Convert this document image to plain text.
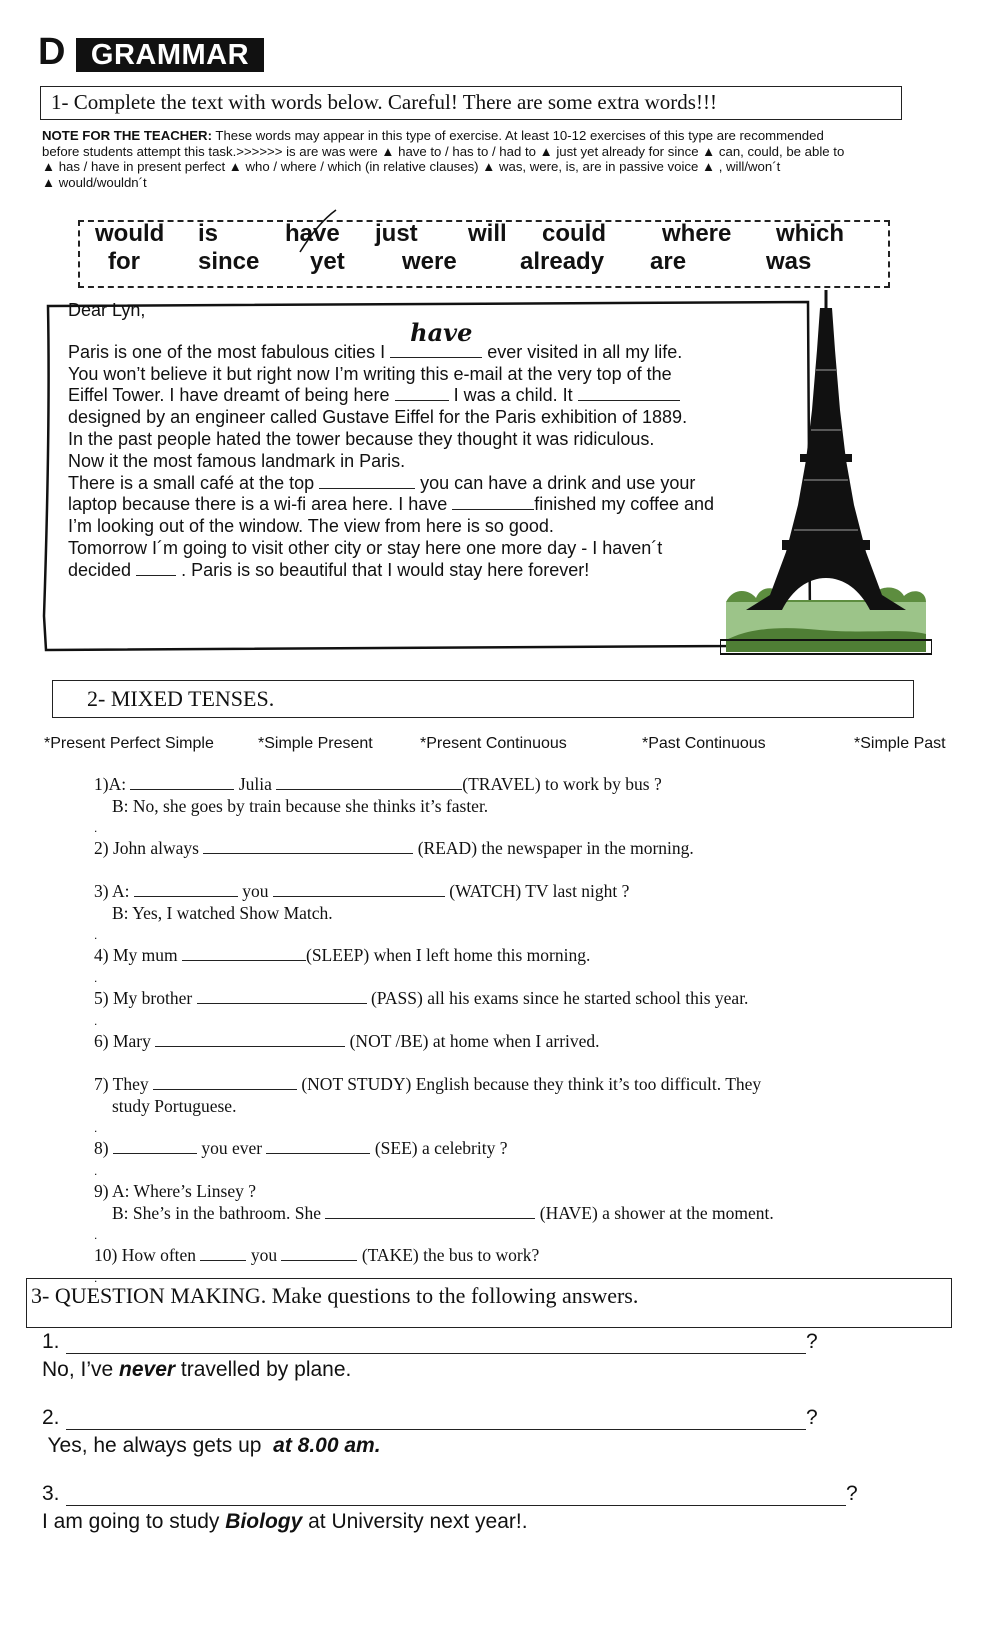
D GRAMMAR
1- Complete the text with words below. Careful! There are some extra words!!!
NOTE FOR THE TEACHER: These words may appear in this type of exercise. At least 10-12 exercises of this type are recommended
before students attempt this task.>>>>>> is are was were ▲ have to / has to / had to ▲ just yet already for since ▲ can, could, be able to
▲ has / have in present perfect ▲ who / where / which (in relative clauses) ▲ was, were, is, are in passive voice ▲ , will/won´t
▲ would/wouldn´t
would is	have just will could where which
for since yet were	already are	was
Dear Lyn,
Paris is one of the most fabulous cities I
have
ever visited in all my life.
You won’t believe it but right now I’m writing this e-mail at the very top of the
Eiffel Tower. I have dreamt of being here	I was a child. It
designed by an engineer called Gustave Eiffel for the Paris exhibition of 1889.
In the past people hated the tower because they thought it was ridiculous.
Now it the most famous landmark in Paris.
There is a small café at the top	you can have a drink and use your
laptop because there is a wi-fi area here. I have	finished my coffee and
I’m looking out of the window. The view from here is so good.
Tomorrow I´m going to visit other city or stay here one more day - I haven´t
decided	. Paris is so beautiful that I would stay here forever!
2- MIXED TENSES.
*Present Perfect Simple	*Simple Present	*Present Continuous	*Past Continuous	*Simple Past
1)A:	Julia	(TRAVEL) to work by bus ?
B: No, she goes by train because she thinks it’s faster.
.
2) John always	(READ) the newspaper in the morning.
3) A:	you	(WATCH) TV last night ?
B: Yes, I watched Show Match.
.
4) My mum	(SLEEP) when I left home this morning.
.
5) My brother	(PASS) all his exams since he started school this year.
.
6) Mary	(NOT /BE) at home when I arrived.
7) They	(NOT STUDY) English because they think it’s too difficult. They
study Portuguese.
.
8)	you ever	(SEE) a celebrity ?
.
9) A: Where’s Linsey ?
B: She’s in the bathroom. She	(HAVE) a shower at the moment.
.
10) How often	you	(TAKE) the bus to work?
.
3- QUESTION MAKING. Make questions to the following answers.
1.	?
No, I’ve never travelled by plane.
2.	?
Yes, he always gets up  at 8.00 am.
3.	?
I am going to study Biology at University next year!.
